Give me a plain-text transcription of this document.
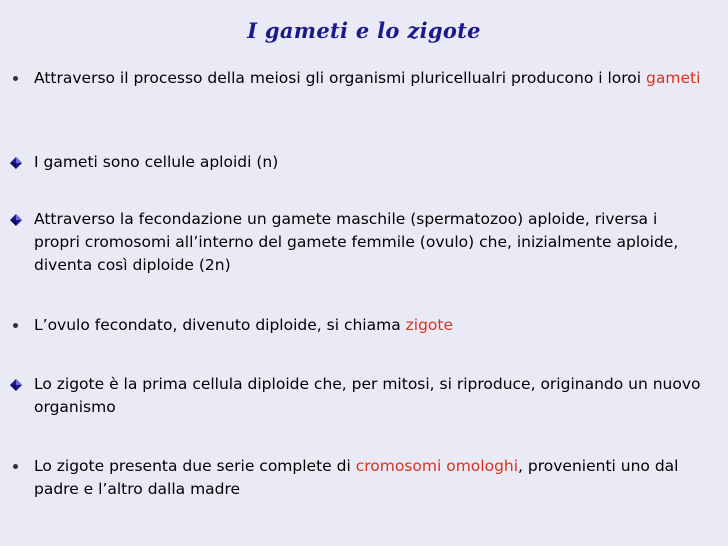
I gameti e lo zigote
Attraverso il processo della meiosi gli organismi pluricellualri producono i loroi gameti
I gameti sono cellule aploidi (n)
Attraverso la fecondazione un gamete maschile (spermatozoo) aploide, riversa i propri cromosomi all’interno del gamete femmile (ovulo) che, inizialmente aploide, diventa così diploide (2n)
L’ovulo fecondato, divenuto diploide, si chiama zigote
Lo zigote è la prima cellula diploide che, per mitosi, si riproduce, originando un nuovo organismo
Lo zigote presenta due serie complete di cromosomi omologhi, provenienti uno dal padre e l’altro dalla madre
